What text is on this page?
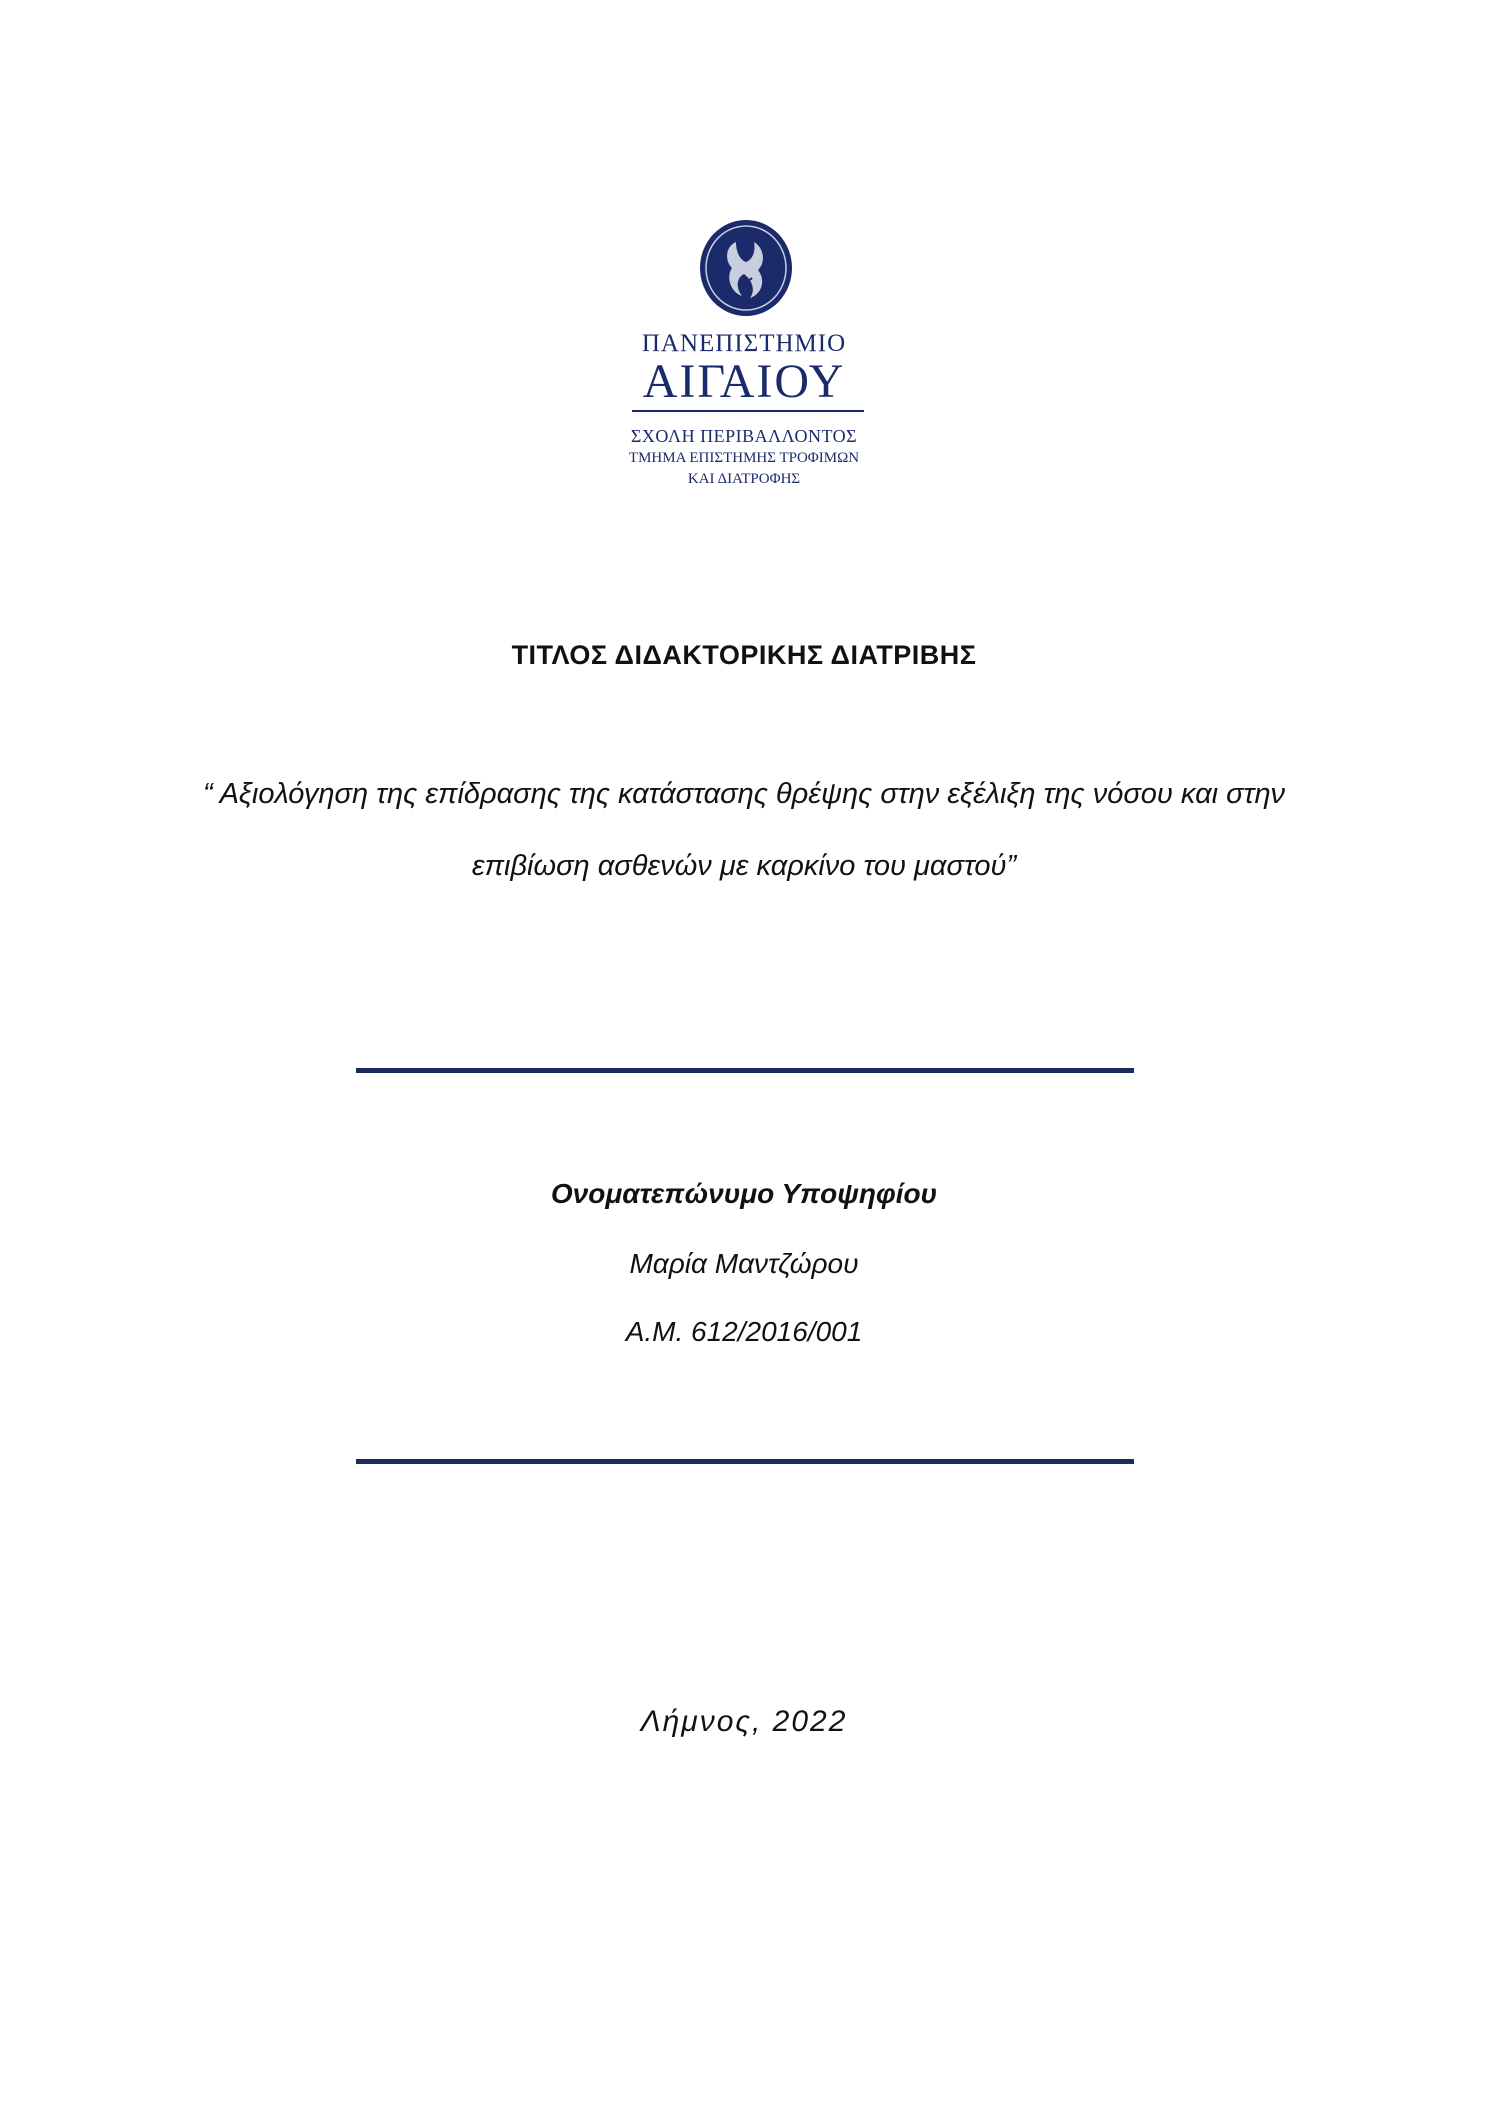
ΠΑΝΕΠΙΣΤΗΜΙΟ
ΑΙΓΑΙΟΥ
ΣΧΟΛΗ ΠΕΡΙΒΑΛΛΟΝΤΟΣ
ΤΜΗΜΑ ΕΠΙΣΤΗΜΗΣ ΤΡΟΦΙΜΩΝ
ΚΑΙ ΔΙΑΤΡΟΦΗΣ
ΤΙΤΛΟΣ ΔΙΔΑΚΤΟΡΙΚΗΣ ΔΙΑΤΡΙΒΗΣ
“ Αξιολόγηση της επίδρασης της κατάστασης θρέψης στην εξέλιξη της νόσου και στην
επιβίωση ασθενών με καρκίνο του μαστού”
Ονοματεπώνυμο Υποψηφίου
Μαρία Μαντζώρου
Α.Μ. 612/2016/001
Λήμνος, 2022
